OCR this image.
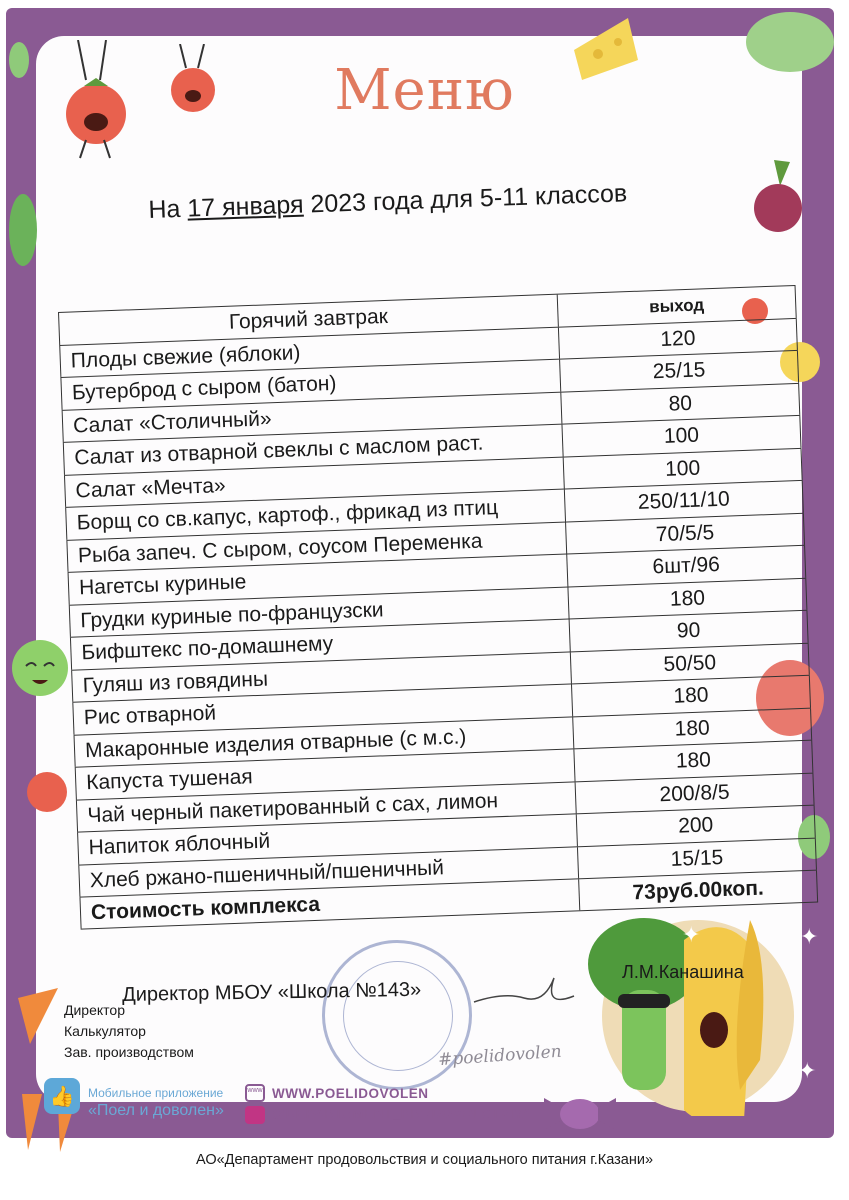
✦	✦
✦
Меню
На 17 января 2023 года для 5-11 классов
Горячий завтрак	выход
Плоды свежие (яблоки)
120
Бутерброд с сыром (батон)
25/15
Салат «Столичный»
80
Салат из отварной свеклы с маслом раст.	100
Салат «Мечта»
100
Борщ со св.капус, картоф., фрикад из птиц	250/11/10
Рыба запеч. С сыром, соусом Переменка	70/5/5
Нагетсы куриные
6шт/96
Грудки куриные по-французски	180
Бифштекс по-домашнему
90
Гуляш из говядины
50/50
Рис отварной
180
Макаронные изделия отварные (с м.с.)	180
Капуста тушеная
180
Чай черный пакетированный с сах, лимон	200/8/5
Напиток яблочный
200
Хлеб ржано-пшеничный/пшеничный	15/15
Стоимость комплекса
73руб.00коп.
Директор МБОУ «Школа №143»
Л.М.Канашина
Директор
Калькулятор
Зав. производством	#poelidovolen
👍	Мобильное приложение
«Поел и доволен»
www WWW.POELIDOVOLEN
@DEPARTAMENT_PRODOVOLSTVIYA
АО«Департамент продовольствия и социального питания г.Казани»
